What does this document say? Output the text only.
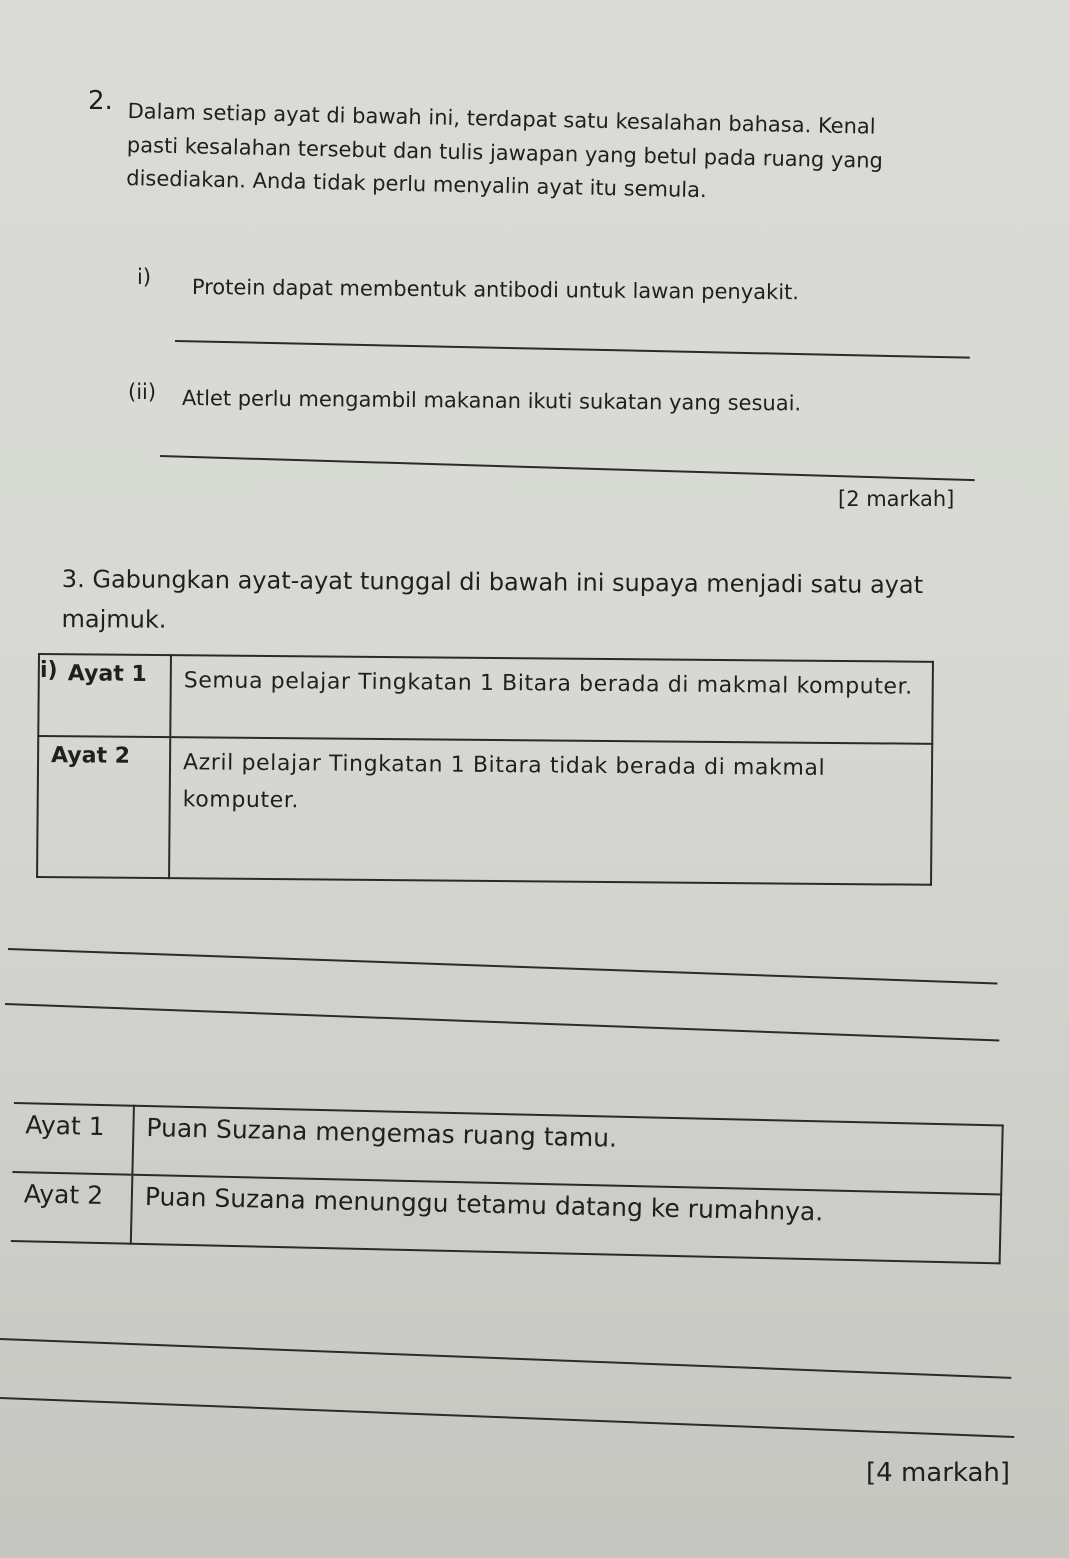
2. Dalam setiap ayat di bawah ini, terdapat satu kesalahan bahasa. Kenal
pasti kesalahan tersebut dan tulis jawapan yang betul pada ruang yang
disediakan. Anda tidak perlu menyalin ayat itu semula.
i) Protein dapat membentuk antibodi untuk lawan penyakit.
(ii) Atlet perlu mengambil makanan ikuti sukatan yang sesuai.
[2 markah]
3. Gabungkan ayat-ayat tunggal di bawah ini supaya menjadi satu ayat
majmuk.
i) Ayat 1	Semua pelajar Tingkatan 1 Bitara berada di makmal komputer.
Ayat 2	Azril pelajar Tingkatan 1 Bitara tidak berada di makmal komputer.
Ayat 1	Puan Suzana mengemas ruang tamu.
Ayat 2	Puan Suzana menunggu tetamu datang ke rumahnya.
[4 markah]
